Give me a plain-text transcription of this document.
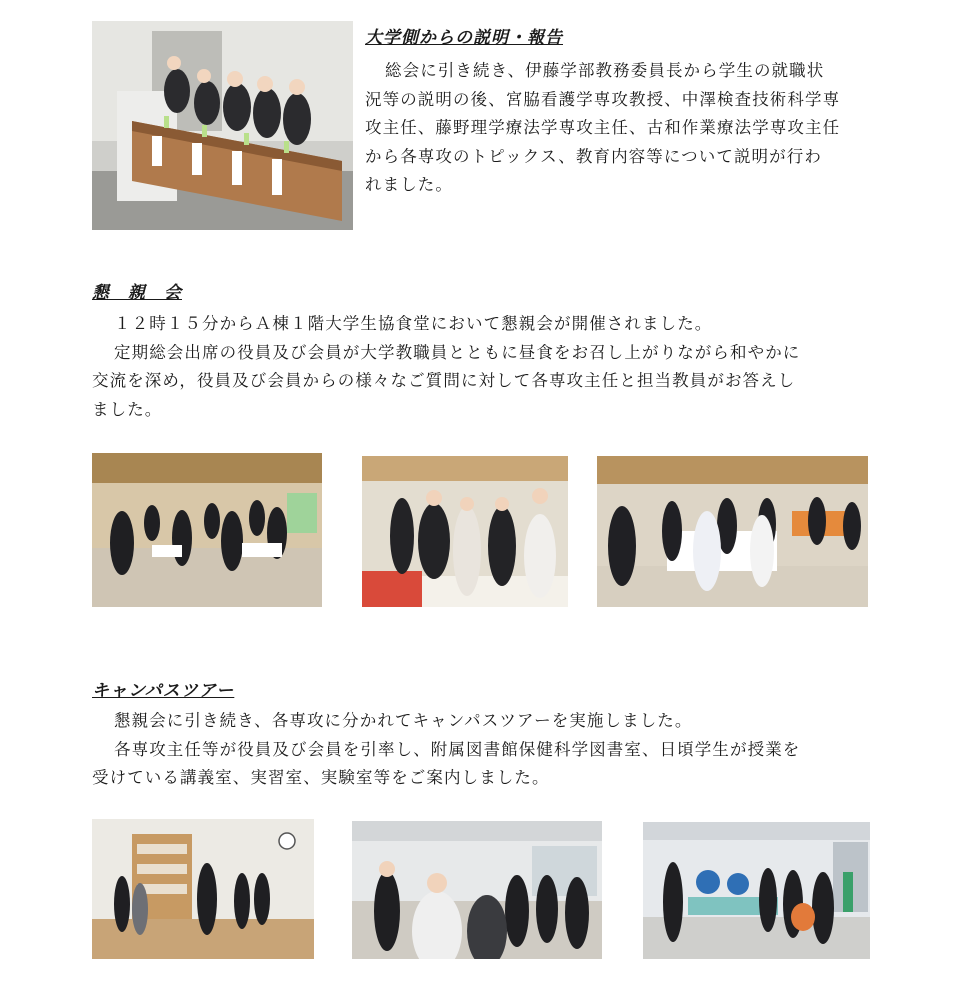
大学側からの説明・報告

総会に引き続き、伊藤学部教務委員長から学生の就職状

況等の説明の後、宮脇看護学専攻教授、中澤検査技術科学専

攻主任、藤野理学療法学専攻主任、古和作業療法学専攻主任

から各専攻のトピックス、教育内容等について説明が行わ

れました。

懇　親　会

１２時１５分からＡ棟１階大学生協食堂において懇親会が開催されました。

定期総会出席の役員及び会員が大学教職員とともに昼食をお召し上がりながら和やかに

交流を深め，役員及び会員からの様々なご質問に対して各専攻主任と担当教員がお答えし

ました。

キャンパスツアー

懇親会に引き続き、各専攻に分かれてキャンパスツアーを実施しました。

各専攻主任等が役員及び会員を引率し、附属図書館保健科学図書室、日頃学生が授業を

受けている講義室、実習室、実験室等をご案内しました。
